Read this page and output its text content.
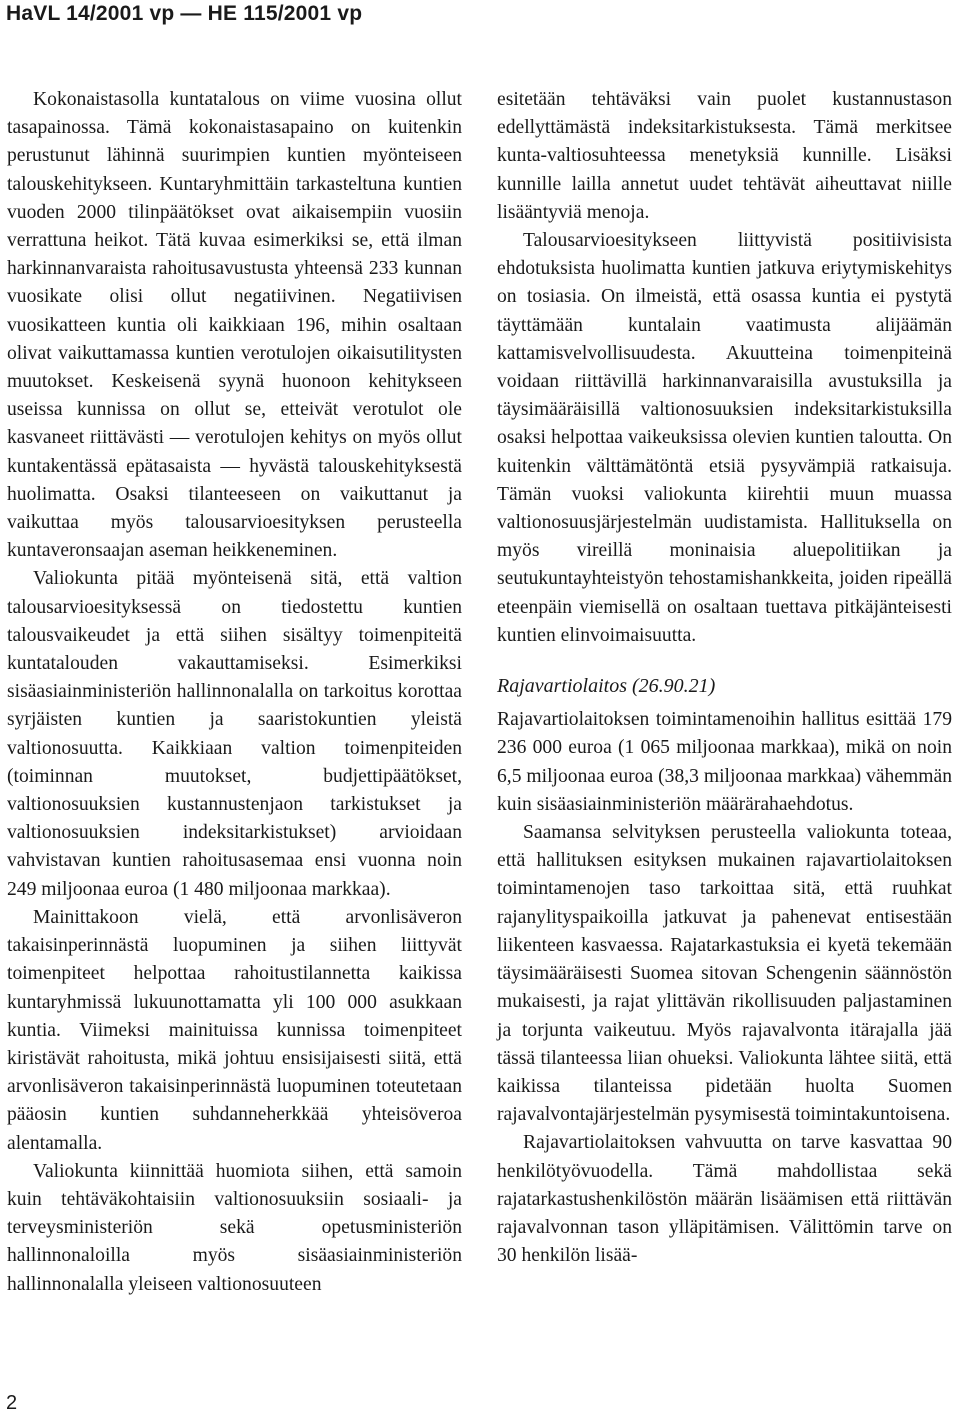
HaVL 14/2001 vp — HE 115/2001 vp

Kokonaistasolla kuntatalous on viime vuosina ollut tasapainossa. Tämä kokonaistasapaino on kuitenkin perustunut lähinnä suurimpien kuntien myönteiseen talouskehitykseen. Kuntaryhmittäin tarkasteltuna kuntien vuoden 2000 tilinpäätökset ovat aikaisempiin vuosiin verrattuna heikot. Tätä kuvaa esimerkiksi se, että ilman harkinnanvaraista rahoitusavustusta yhteensä 233 kunnan vuosikate olisi ollut negatiivinen. Negatiivisen vuosikatteen kuntia oli kaikkiaan 196, mihin osaltaan olivat vaikuttamassa kuntien verotulojen oikaisutilitysten muutokset. Keskeisenä syynä huonoon kehitykseen useissa kunnissa on ollut se, etteivät verotulot ole kasvaneet riittävästi — verotulojen kehitys on myös ollut kuntakentässä epätasaista — hyvästä talouskehityksestä huolimatta. Osaksi tilanteeseen on vaikuttanut ja vaikuttaa myös talousarvioesityksen perusteella kuntaveronsaajan aseman heikkeneminen.

Valiokunta pitää myönteisenä sitä, että valtion talousarvioesityksessä on tiedostettu kuntien talousvaikeudet ja että siihen sisältyy toimenpiteitä kuntatalouden vakauttamiseksi. Esimerkiksi sisäasiainministeriön hallinnonalalla on tarkoitus korottaa syrjäisten kuntien ja saaristokuntien yleistä valtionosuutta. Kaikkiaan valtion toimenpiteiden (toiminnan muutokset, budjettipäätökset, valtionosuuksien kustannustenjaon tarkistukset ja valtionosuuksien indeksitarkistukset) arvioidaan vahvistavan kuntien rahoitusasemaa ensi vuonna noin 249 miljoonaa euroa (1 480 miljoonaa markkaa).

Mainittakoon vielä, että arvonlisäveron takaisinperinnästä luopuminen ja siihen liittyvät toimenpiteet helpottaa rahoitustilannetta kaikissa kuntaryhmissä lukuunottamatta yli 100 000 asukkaan kuntia. Viimeksi mainituissa kunnissa toimenpiteet kiristävät rahoitusta, mikä johtuu ensisijaisesti siitä, että arvonlisäveron takaisinperinnästä luopuminen toteutetaan pääosin kuntien suhdanneherkkää yhteisöveroa alentamalla.

Valiokunta kiinnittää huomiota siihen, että samoin kuin tehtäväkohtaisiin valtionosuuksiin sosiaali- ja terveysministeriön sekä opetusministeriön hallinnonaloilla myös sisäasiainministeriön hallinnonalalla yleiseen valtionosuuteen

esitetään tehtäväksi vain puolet kustannustason edellyttämästä indeksitarkistuksesta. Tämä merkitsee kunta-valtiosuhteessa menetyksiä kunnille. Lisäksi kunnille lailla annetut uudet tehtävät aiheuttavat niille lisääntyviä menoja.

Talousarvioesitykseen liittyvistä positiivisista ehdotuksista huolimatta kuntien jatkuva eriytymiskehitys on tosiasia. On ilmeistä, että osassa kuntia ei pystytä täyttämään kuntalain vaatimusta alijäämän kattamisvelvollisuudesta. Akuutteina toimenpiteinä voidaan riittävillä harkinnanvaraisilla avustuksilla ja täysimääräisillä valtionosuuksien indeksitarkistuksilla osaksi helpottaa vaikeuksissa olevien kuntien taloutta. On kuitenkin välttämätöntä etsiä pysyvämpiä ratkaisuja. Tämän vuoksi valiokunta kiirehtii muun muassa valtionosuusjärjestelmän uudistamista. Hallituksella on myös vireillä moninaisia aluepolitiikan ja seutukuntayhteistyön tehostamishankkeita, joiden ripeällä eteenpäin viemisellä on osaltaan tuettava pitkäjänteisesti kuntien elinvoimaisuutta.

Rajavartiolaitos (26.90.21)

Rajavartiolaitoksen toimintamenoihin hallitus esittää 179 236 000 euroa (1 065 miljoonaa markkaa), mikä on noin 6,5 miljoonaa euroa (38,3 miljoonaa markkaa) vähemmän kuin sisäasiainministeriön määrärahaehdotus.

Saamansa selvityksen perusteella valiokunta toteaa, että hallituksen esityksen mukainen rajavartiolaitoksen toimintamenojen taso tarkoittaa sitä, että ruuhkat rajanylityspaikoilla jatkuvat ja pahenevat entisestään liikenteen kasvaessa. Rajatarkastuksia ei kyetä tekemään täysimääräisesti Suomea sitovan Schengenin säännöstön mukaisesti, ja rajat ylittävän rikollisuuden paljastaminen ja torjunta vaikeutuu. Myös rajavalvonta itärajalla jää tässä tilanteessa liian ohueksi. Valiokunta lähtee siitä, että kaikissa tilanteissa pidetään huolta Suomen rajavalvontajärjestelmän pysymisestä toimintakuntoisena.

Rajavartiolaitoksen vahvuutta on tarve kasvattaa 90 henkilötyövuodella. Tämä mahdollistaa sekä rajatarkastushenkilöstön määrän lisäämisen että riittävän rajavalvonnan tason ylläpitämisen. Välittömin tarve on 30 henkilön lisää-

2
